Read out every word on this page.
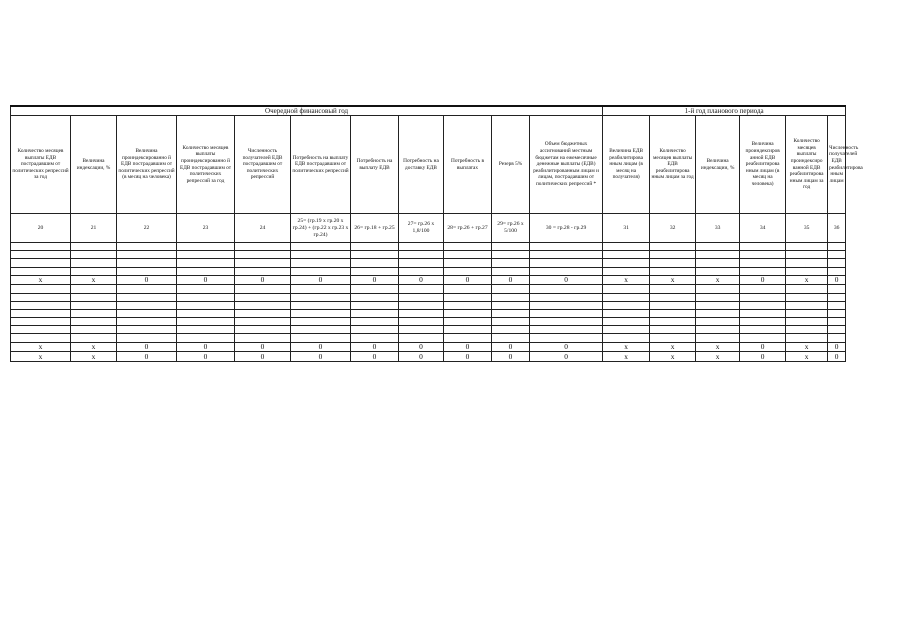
Очередной финансовый год											1-й год планового периода					
Количество месяцев выплаты ЕДВ пострадавшим от политических репрессий за год	Величина индексации, %	Величина проиндексированно й ЕДВ пострадавшим от политических репрессий (в месяц на человека)	Количество месяцев выплаты проиндексированно й ЕДВ пострадавшим от политических репрессий за год	Численность получателей ЕДВ пострадавшим от политических репрессий	Потребность на выплату ЕДВ пострадавшим от политических репрессий	Потребность на выплату ЕДВ	Потребность на доставку ЕДВ	Потребность в выплатах	Резерв 5%	Объем бюджетных ассигнований местным бюджетам на ежемесячные денежные выплаты (ЕДВ) реабилитированным лицам и лицам, пострадавшим от политических репрессий *	Величина ЕДВ реабилитирова нным лицам (в месяц на получателя)	Количество месяцев выплаты ЕДВ реабилитирова нным лицам за год	Величина индексации, %	Величина проиндексиров анной ЕДВ реабилитирова нным лицам (в месяц на человека)	Количество месяцев выплаты проиндексиро ванной ЕДВ реабилитирова нным лицам за год	Численность получателей ЕДВ реабилитирова нным лицам
20	21	22	23	24	25= (гр.19 х гр.20 х гр.24) + (гр.22 х гр.23 х гр.24)	26= гр.18 + гр.25	27= гр.26 х 1,8/100	28= гр.26 + гр.27	29= гр.26 х 5/100	30 = гр.28 - гр.29	31	32	33	34	35	36

х	х	0	0	0	0	0	0	0	0	0	х	х	х	0	х	0

х	х	0	0	0	0	0	0	0	0	0	х	х	х	0	х	0
х	х	0	0	0	0	0	0	0	0	0	х	х	х	0	х	0
